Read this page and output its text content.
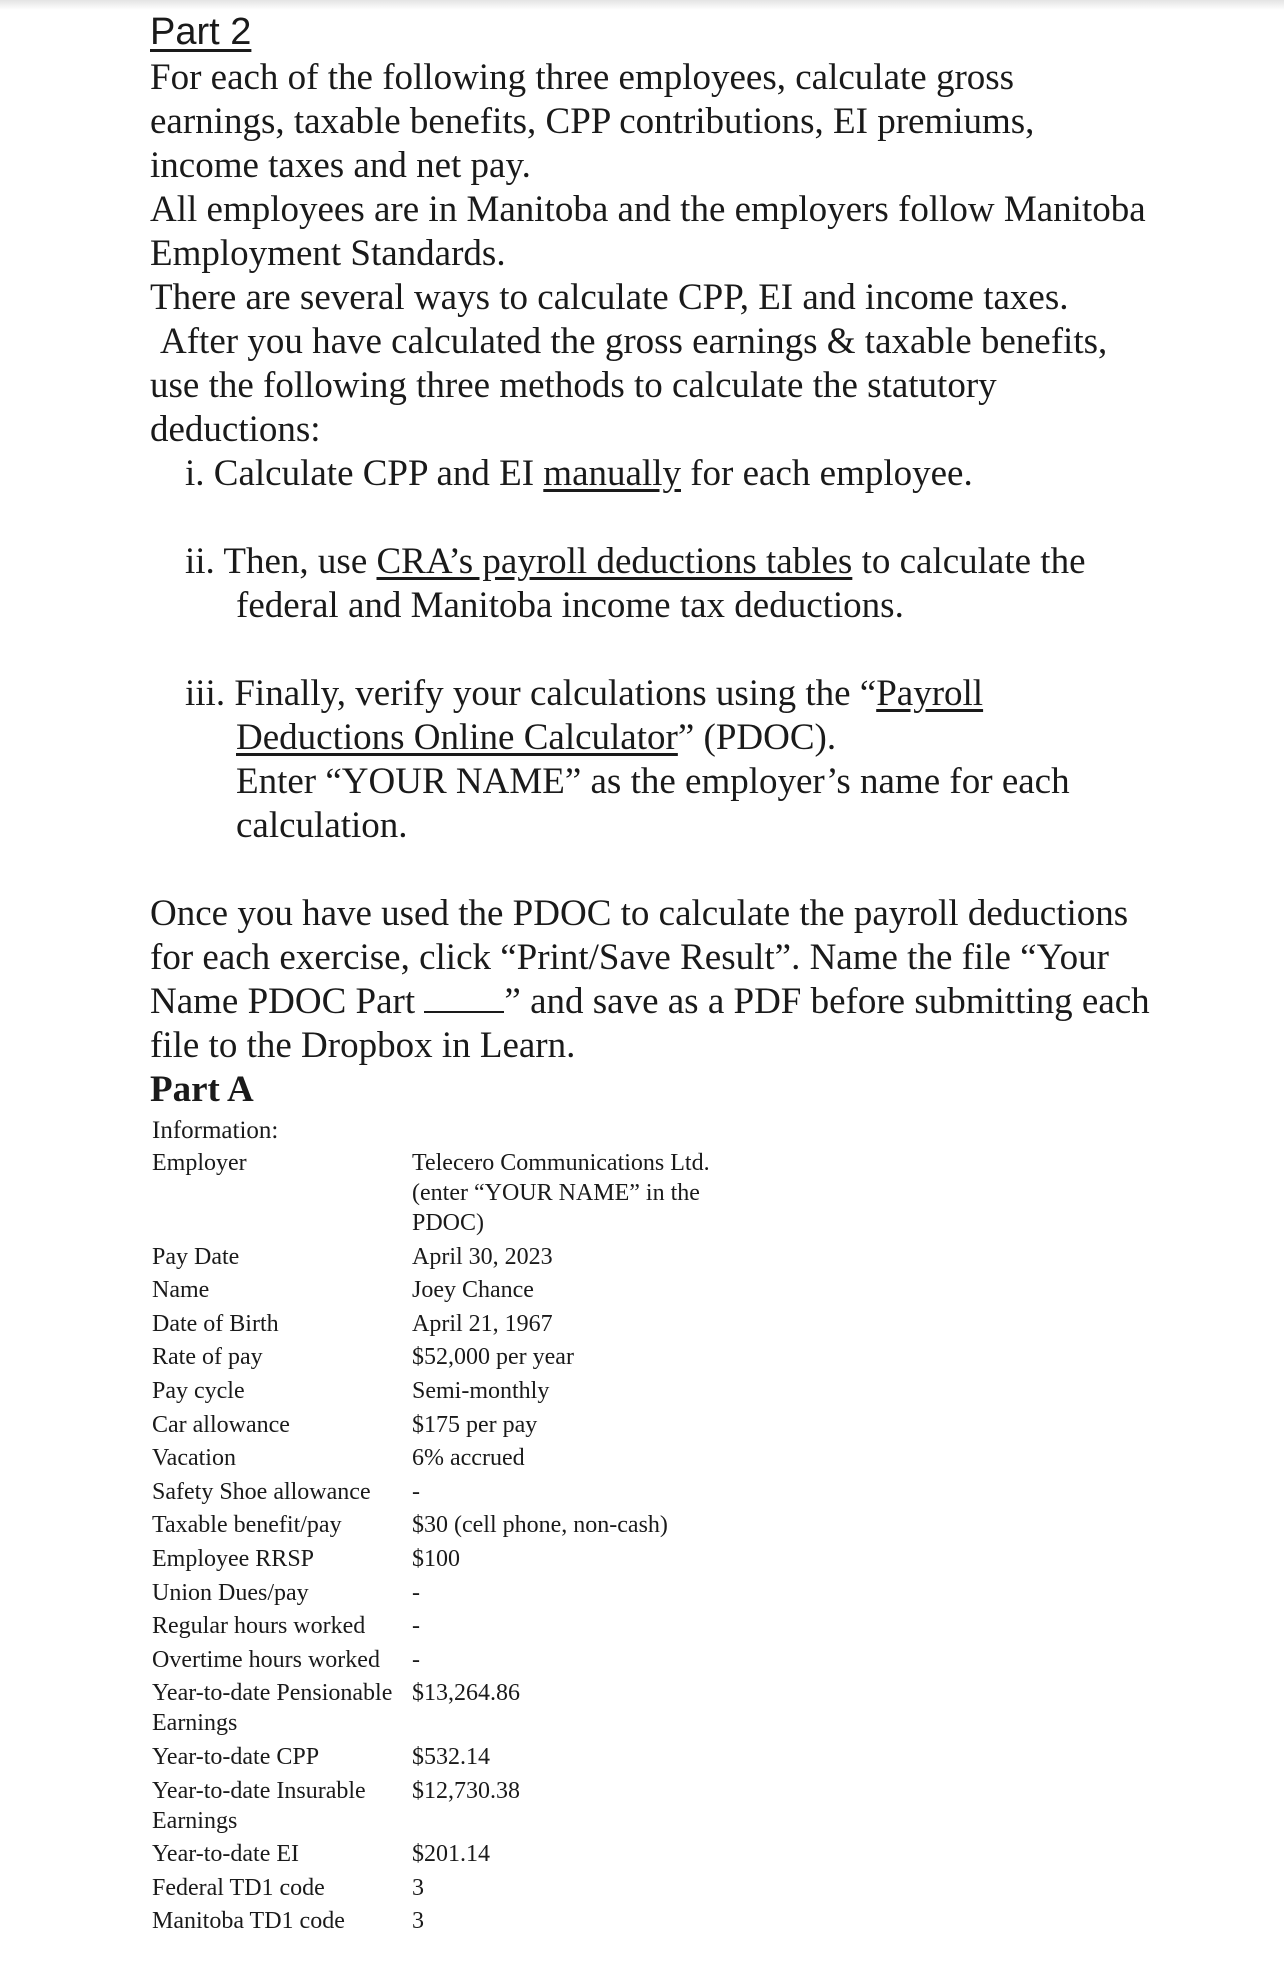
Part 2

For each of the following three employees, calculate gross earnings, taxable benefits, CPP contributions, EI premiums, income taxes and net pay.

All employees are in Manitoba and the employers follow Manitoba Employment Standards.

There are several ways to calculate CPP, EI and income taxes.

After you have calculated the gross earnings & taxable benefits, use the following three methods to calculate the statutory deductions:

i. Calculate CPP and EI manually for each employee.

ii. Then, use CRA’s payroll deductions tables to calculate the
federal and Manitoba income tax deductions.

iii. Finally, verify your calculations using the “Payroll
Deductions Online Calculator” (PDOC).
Enter “YOUR NAME” as the employer’s name for each
calculation.

Once you have used the PDOC to calculate the payroll deductions for each exercise, click “Print/Save Result”. Name the file “Your Name PDOC Part ” and save as a PDF before submitting each file to the Dropbox in Learn.

Part A
Information:
Employer	Telecero Communications Ltd. (enter “YOUR NAME” in the PDOC)
Pay Date	April 30, 2023
Name	Joey Chance
Date of Birth	April 21, 1967
Rate of pay	$52,000 per year
Pay cycle	Semi-monthly
Car allowance	$175 per pay
Vacation	6% accrued
Safety Shoe allowance	-
Taxable benefit/pay	$30 (cell phone, non-cash)
Employee RRSP	$100
Union Dues/pay	-
Regular hours worked	-
Overtime hours worked	-
Year-to-date Pensionable Earnings	$13,264.86
Year-to-date CPP	$532.14
Year-to-date Insurable Earnings	$12,730.38
Year-to-date EI	$201.14
Federal TD1 code	3
Manitoba TD1 code	3
